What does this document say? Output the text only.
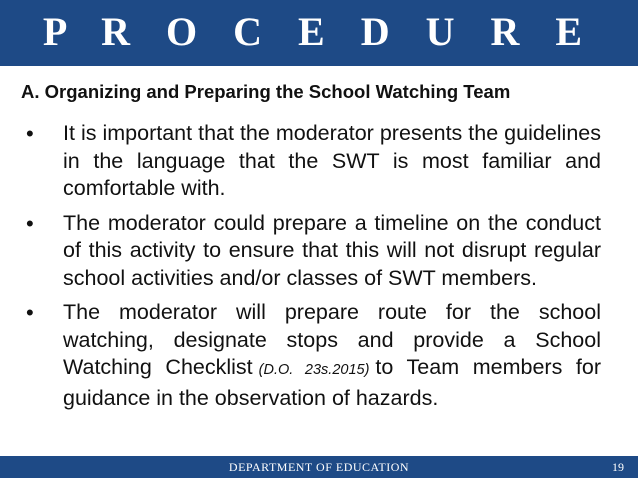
P R O C E D U R E
A. Organizing and Preparing the School Watching Team
• It is important that the moderator presents the guidelines in the language that the SWT is most familiar and comfortable with.
• The moderator could prepare a timeline on the conduct of this activity to ensure that this will not disrupt regular school activities and/or classes of SWT members.
• The moderator will prepare route for the school watching, designate stops and provide a School Watching Checklist (D.O. 23s.2015) to Team members for guidance in the observation of hazards.
DEPARTMENT OF EDUCATION	19
